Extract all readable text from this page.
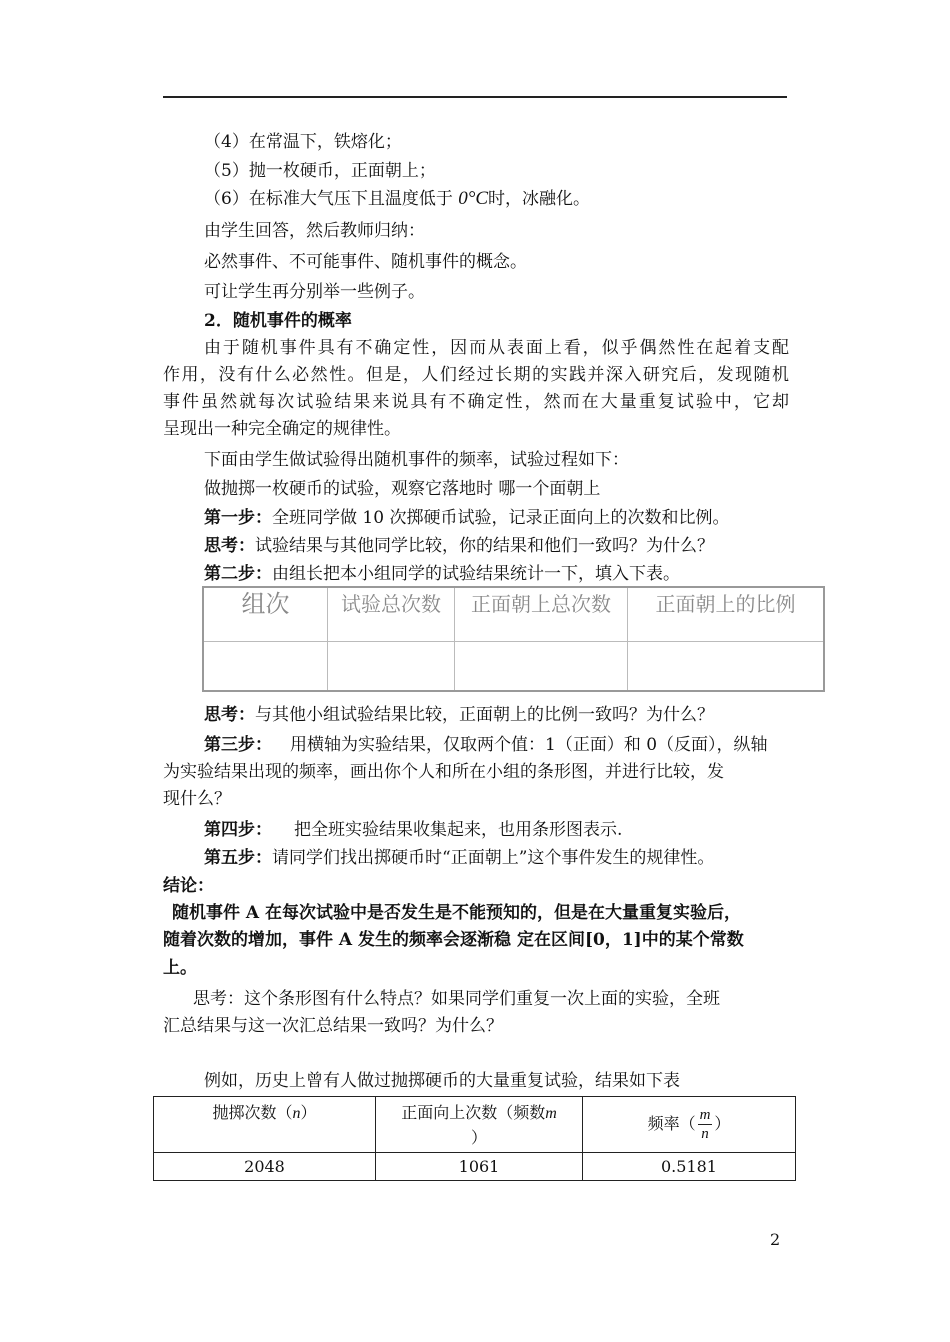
（4）在常温下，铁熔化；
（5）抛一枚硬币，正面朝上；
（6）在标准大气压下且温度低于 0°C时，冰融化。
由学生回答，然后教师归纳：
必然事件、不可能事件、随机事件的概念。
可让学生再分别举一些例子。
2．随机事件的概率
由于随机事件具有不确定性，因而从表面上看，似乎偶然性在起着支配
作用，没有什么必然性。但是，人们经过长期的实践并深入研究后，发现随机
事件虽然就每次试验结果来说具有不确定性，然而在大量重复试验中，它却
呈现出一种完全确定的规律性。
下面由学生做试验得出随机事件的频率，试验过程如下：
做抛掷一枚硬币的试验，观察它落地时 哪一个面朝上
第一步：全班同学做 10 次掷硬币试验，记录正面向上的次数和比例。
思考：试验结果与其他同学比较，你的结果和他们一致吗？为什么？
第二步：由组长把本小组同学的试验结果统计一下，填入下表。
组次	试验总次数	正面朝上总次数	正面朝上的比例

思考：与其他小组试验结果比较，正面朝上的比例一致吗？为什么？
第三步： 用横轴为实验结果，仅取两个值：1（正面）和 0（反面），纵轴
为实验结果出现的频率，画出你个人和所在小组的条形图，并进行比较，发
现什么？
第四步： 把全班实验结果收集起来，也用条形图表示.
第五步：请同学们找出掷硬币时“正面朝上”这个事件发生的规律性。
结论：
随机事件 A 在每次试验中是否发生是不能预知的，但是在大量重复实验后，
随着次数的增加，事件 A 发生的频率会逐渐稳 定在区间[0，1]中的某个常数
上。
思考：这个条形图有什么特点？如果同学们重复一次上面的实验，全班
汇总结果与这一次汇总结果一致吗？为什么？
例如，历史上曾有人做过抛掷硬币的大量重复试验，结果如下表
抛掷次数（n）	正面向上次数（频数m
）	频率（ $\frac{m}{n}$ ）
2048	1061	0.5181
2
